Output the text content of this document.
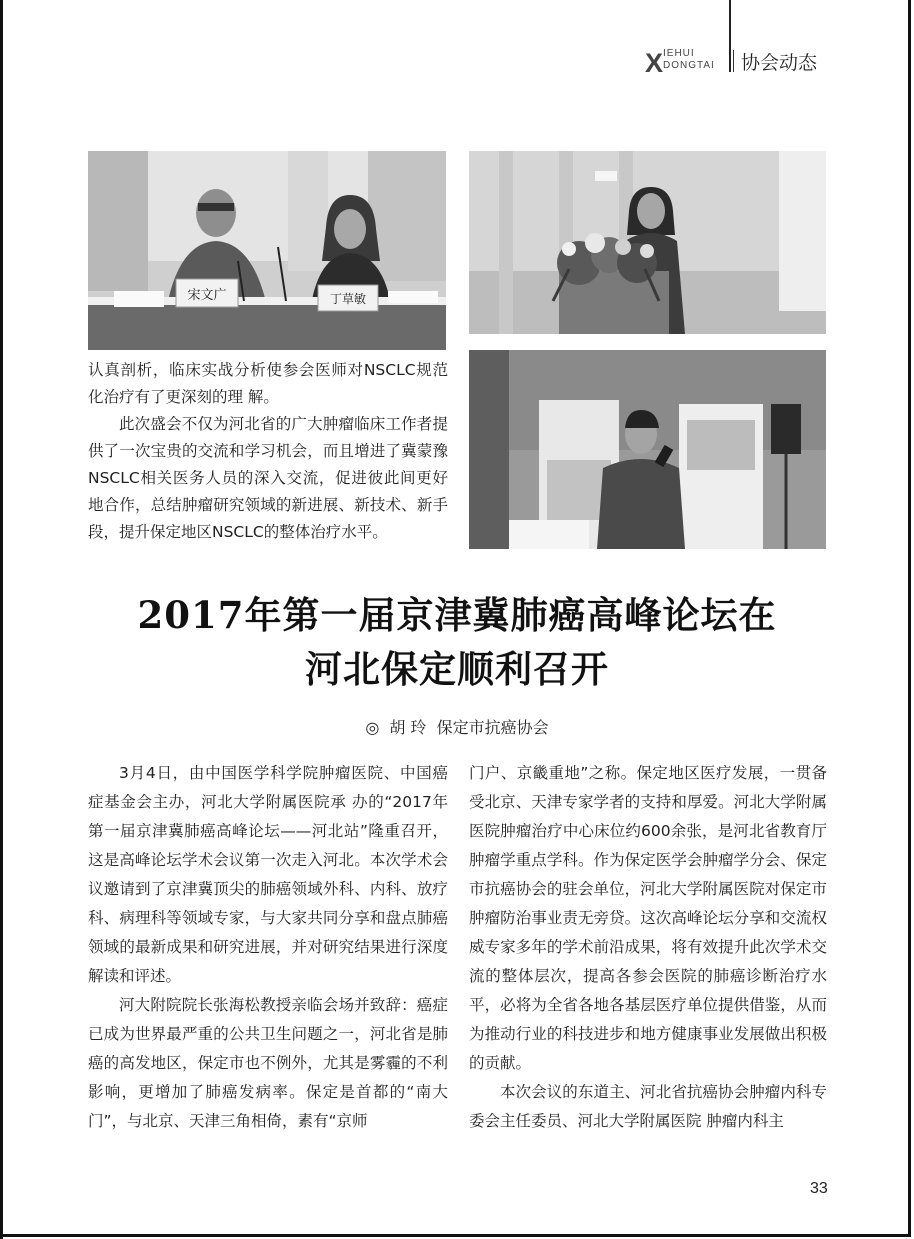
X IEHUI
DONGTAI 协会动态
宋文广	丁草敏

认真剖析，临床实战分析使参会医师对NSCLC规范化治疗有了更深刻的理 解。

此次盛会不仅为河北省的广大肿瘤临床工作者提供了一次宝贵的交流和学习机会，而且增进了冀蒙豫NSCLC相关医务人员的深入交流，促进彼此间更好地合作，总结肿瘤研究领域的新进展、新技术、新手段，提升保定地区NSCLC的整体治疗水平。

2017年第一届京津冀肺癌高峰论坛在
河北保定顺利召开
◎ 胡 玲 保定市抗癌协会

3月4日，由中国医学科学院肿瘤医院、中国癌症基金会主办，河北大学附属医院承 办的“2017年第一届京津冀肺癌高峰论坛——河北站”隆重召开，这是高峰论坛学术会议第一次走入河北。本次学术会议邀请到了京津冀顶尖的肺癌领域外科、内科、放疗科、病理科等领域专家，与大家共同分享和盘点肺癌领域的最新成果和研究进展，并对研究结果进行深度解读和评述。

河大附院院长张海松教授亲临会场并致辞：癌症已成为世界最严重的公共卫生问题之一，河北省是肺癌的高发地区，保定市也不例外，尤其是雾霾的不利影响，更增加了肺癌发病率。保定是首都的“南大门”，与北京、天津三角相倚，素有“京师

门户、京畿重地”之称。保定地区医疗发展，一贯备受北京、天津专家学者的支持和厚爱。河北大学附属医院肿瘤治疗中心床位约600余张，是河北省教育厅肿瘤学重点学科。作为保定医学会肿瘤学分会、保定市抗癌协会的驻会单位，河北大学附属医院对保定市肿瘤防治事业责无旁贷。这次高峰论坛分享和交流权威专家多年的学术前沿成果，将有效提升此次学术交流的整体层次，提高各参会医院的肺癌诊断治疗水平，必将为全省各地各基层医疗单位提供借鉴，从而为推动行业的科技进步和地方健康事业发展做出积极的贡献。

本次会议的东道主、河北省抗癌协会肿瘤内科专委会主任委员、河北大学附属医院 肿瘤内科主

33
